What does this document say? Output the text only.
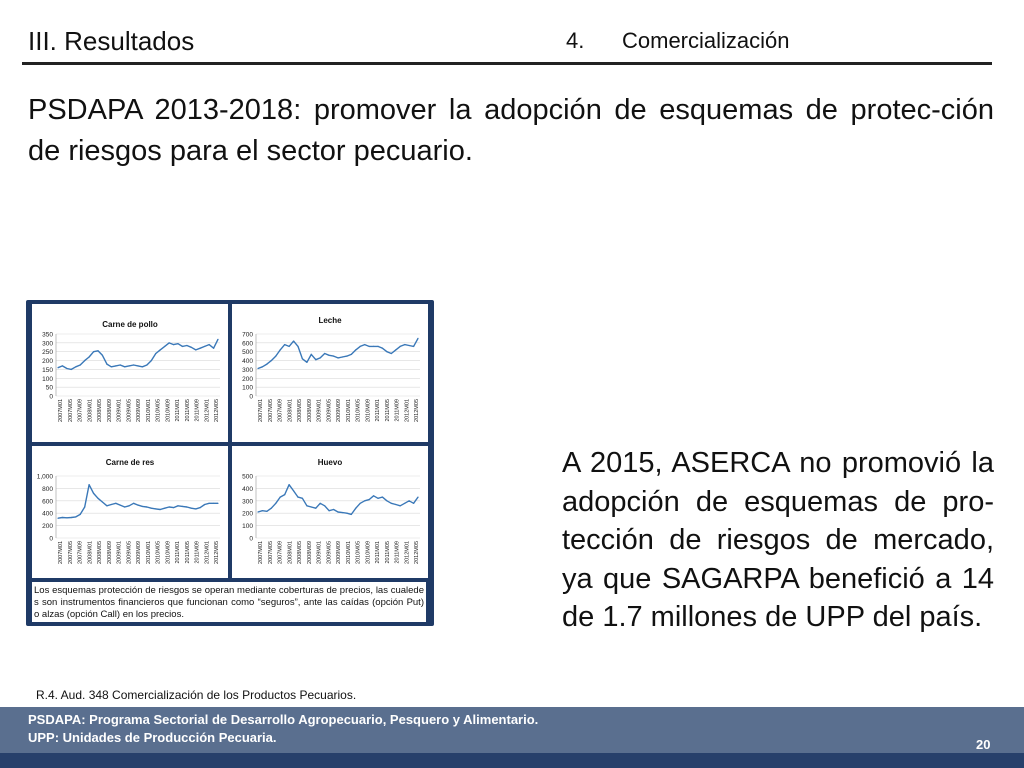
III. Resultados	4. Comercialización
PSDAPA 2013-2018: promover la adopción de esquemas de protec-ción de riesgos para el sector pecuario.
Carne de pollo
350
300
250
200
150
100
50
0
2007M01 2007M05 2007M09 2008M01 2008M05 2008M09 2009M01 2009M05 2009M09 2010M01 2010M05 2010M09 2011M01 2011M05 2011M09 2012M01 2012M05
Leche
700
600
500
400
300
200
100
0
2007M01 2007M05 2007M09 2008M01 2008M05 2008M09 2009M01 2009M05 2009M09 2010M01 2010M05 2010M09 2011M01 2011M05 2011M09 2012M01 2012M05
Carne de res
1,000
800
600
400
200
0
2007M01 2007M05 2007M09 2008M01 2008M05 2008M09 2009M01 2009M05 2009M09 2010M01 2010M05 2010M09 2011M01 2011M05 2011M09 2012M01 2012M05
Huevo
500
400
300
200
100
0
2007M01 2007M05 2007M09 2008M01 2008M05 2008M09 2009M01 2009M05 2009M09 2010M01 2010M05 2010M09 2011M01 2011M05 2011M09 2012M01 2012M05
Los esquemas protección de riesgos se operan mediante coberturas de precios, las cualede s son instrumentos financieros que funcionan como “seguros”, ante las caídas (opción Put) o alzas (opción Call) en los precios.
A 2015, ASERCA no promovió la adopción de esquemas de pro-tección de riesgos de mercado, ya que SAGARPA benefició a 14 de 1.7 millones de UPP del país.
R.4. Aud. 348 Comercialización de los Productos Pecuarios.
PSDAPA: Programa Sectorial de Desarrollo Agropecuario, Pesquero y Alimentario.
UPP: Unidades de Producción Pecuaria.	20
